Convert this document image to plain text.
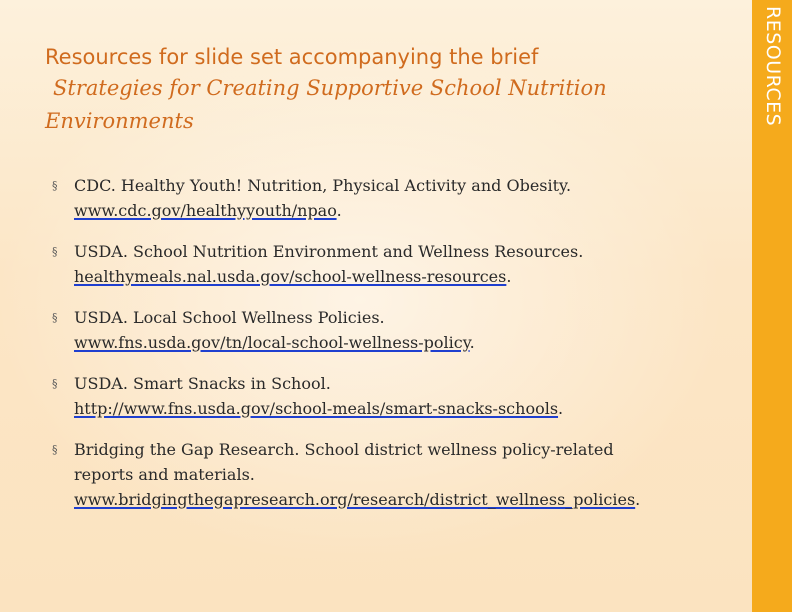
RESOURCES
Resources for slide set accompanying the brief
Strategies for Creating Supportive School Nutrition
Environments
§ CDC. Healthy Youth! Nutrition, Physical Activity and Obesity.
www.cdc.gov/healthyyouth/npao.
§ USDA. School Nutrition Environment and Wellness Resources.
healthymeals.nal.usda.gov/school-wellness-resources.
§ USDA. Local School Wellness Policies.
www.fns.usda.gov/tn/local-school-wellness-policy.
§ USDA. Smart Snacks in School.
http://www.fns.usda.gov/school-meals/smart-snacks-schools.
§ Bridging the Gap Research. School district wellness policy-related
reports and materials.
www.bridgingthegapresearch.org/research/district_wellness_policies.
